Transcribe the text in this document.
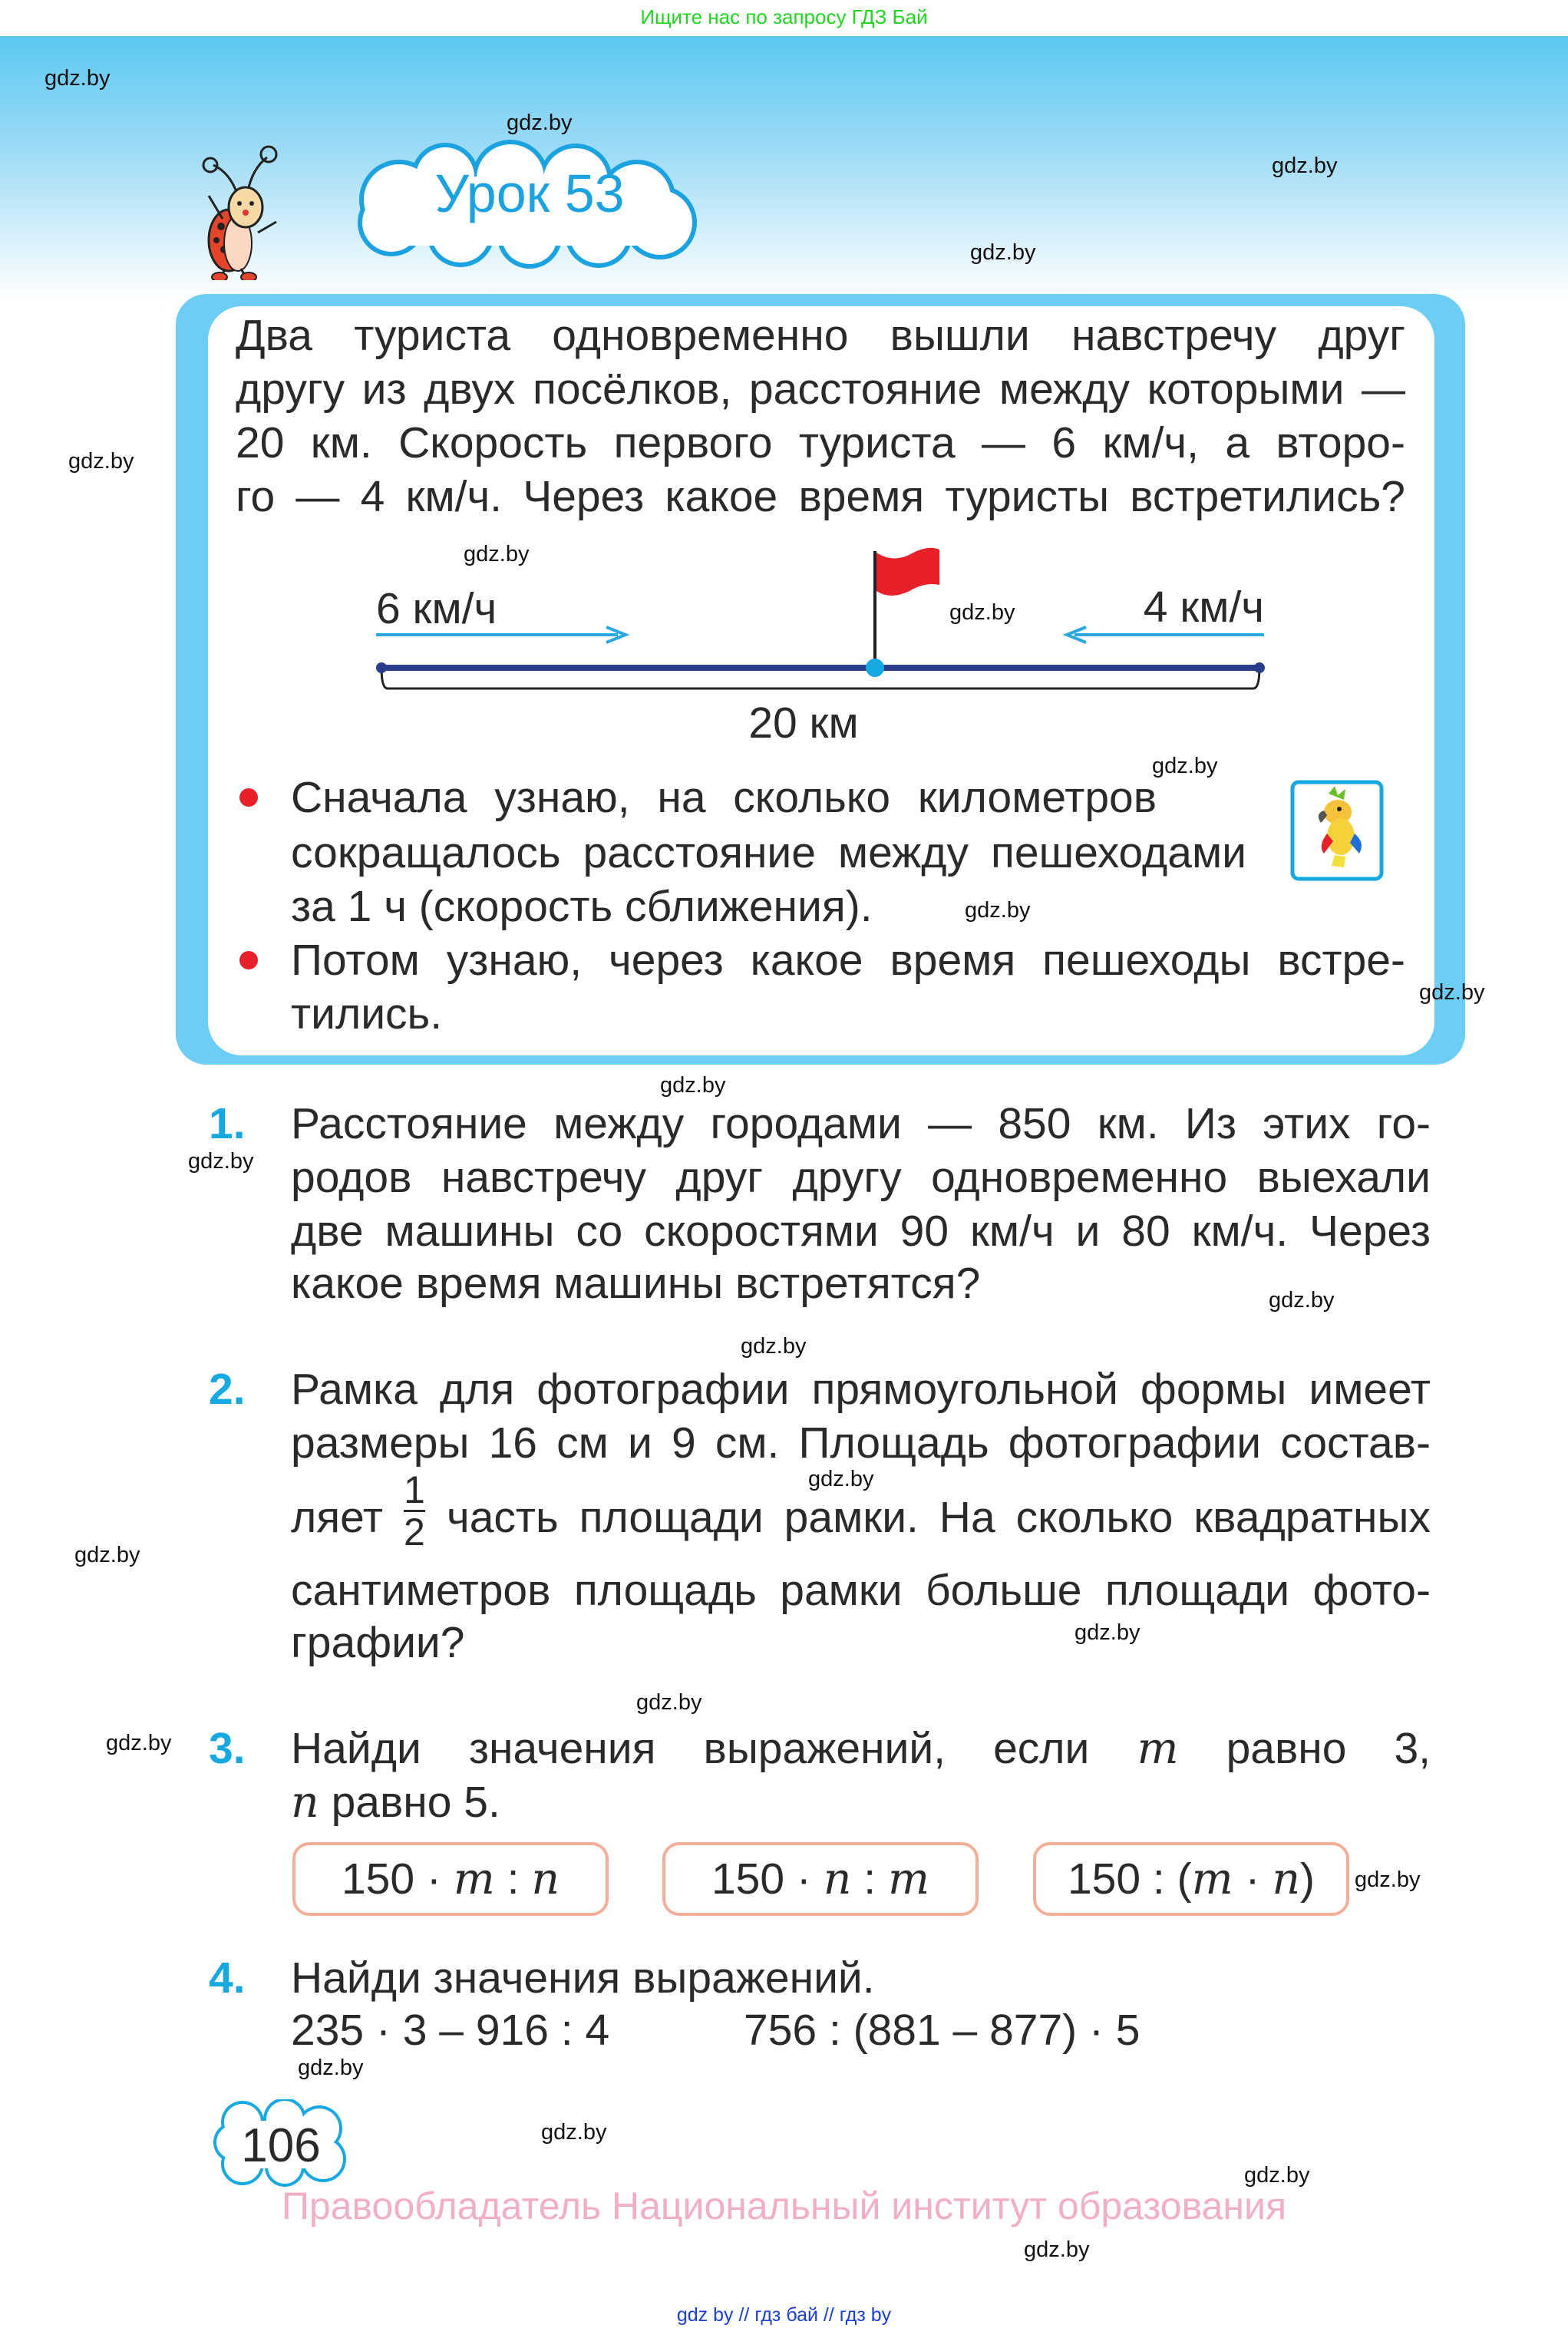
Ищите нас по запросу ГДЗ Бай
Урок 53
Два туриста одновременно вышли навстречу друг
другу из двух посёлков, расстояние между которыми —
20 км. Скорость первого туриста — 6 км/ч, а второ-
го — 4 км/ч. Через какое время туристы встретились?
6 км/ч	4 км/ч
20 км
Сначала узнаю, на сколько километров
сокращалось расстояние между пешеходами
за 1 ч (скорость сближения).
Потом узнаю, через какое время пешеходы встре-
тились.
1. Расстояние между городами — 850 км. Из этих го-
родов навстречу друг другу одновременно выехали
две машины со скоростями 90 км/ч и 80 км/ч. Через
какое время машины встретятся?
2. Рамка для фотографии прямоугольной формы имеет
размеры 16 см и 9 см. Площадь фотографии состав-
ляет $\frac{1}{2}$ часть площади рамки. На сколько квадратных
сантиметров площадь рамки больше площади фото-
графии?
3. Найди значения выражений, если m равно 3,
n равно 5.
150 · m : n	150 · n : m	150 : (m · n)
4. Найди значения выражений.
235 · 3 – 916 : 4	756 : (881 – 877) · 5
106
Правообладатель Национальный институт образования
gdz by // гдз бай // гдз by
gdz.by
gdz.by
gdz.by
gdz.by
gdz.by
gdz.by
gdz.by
gdz.by
gdz.by
gdz.by
gdz.by
gdz.by
gdz.by
gdz.by
gdz.by
gdz.by
gdz.by
gdz.by
gdz.by
gdz.by
gdz.by
gdz.by
gdz.by
gdz.by
